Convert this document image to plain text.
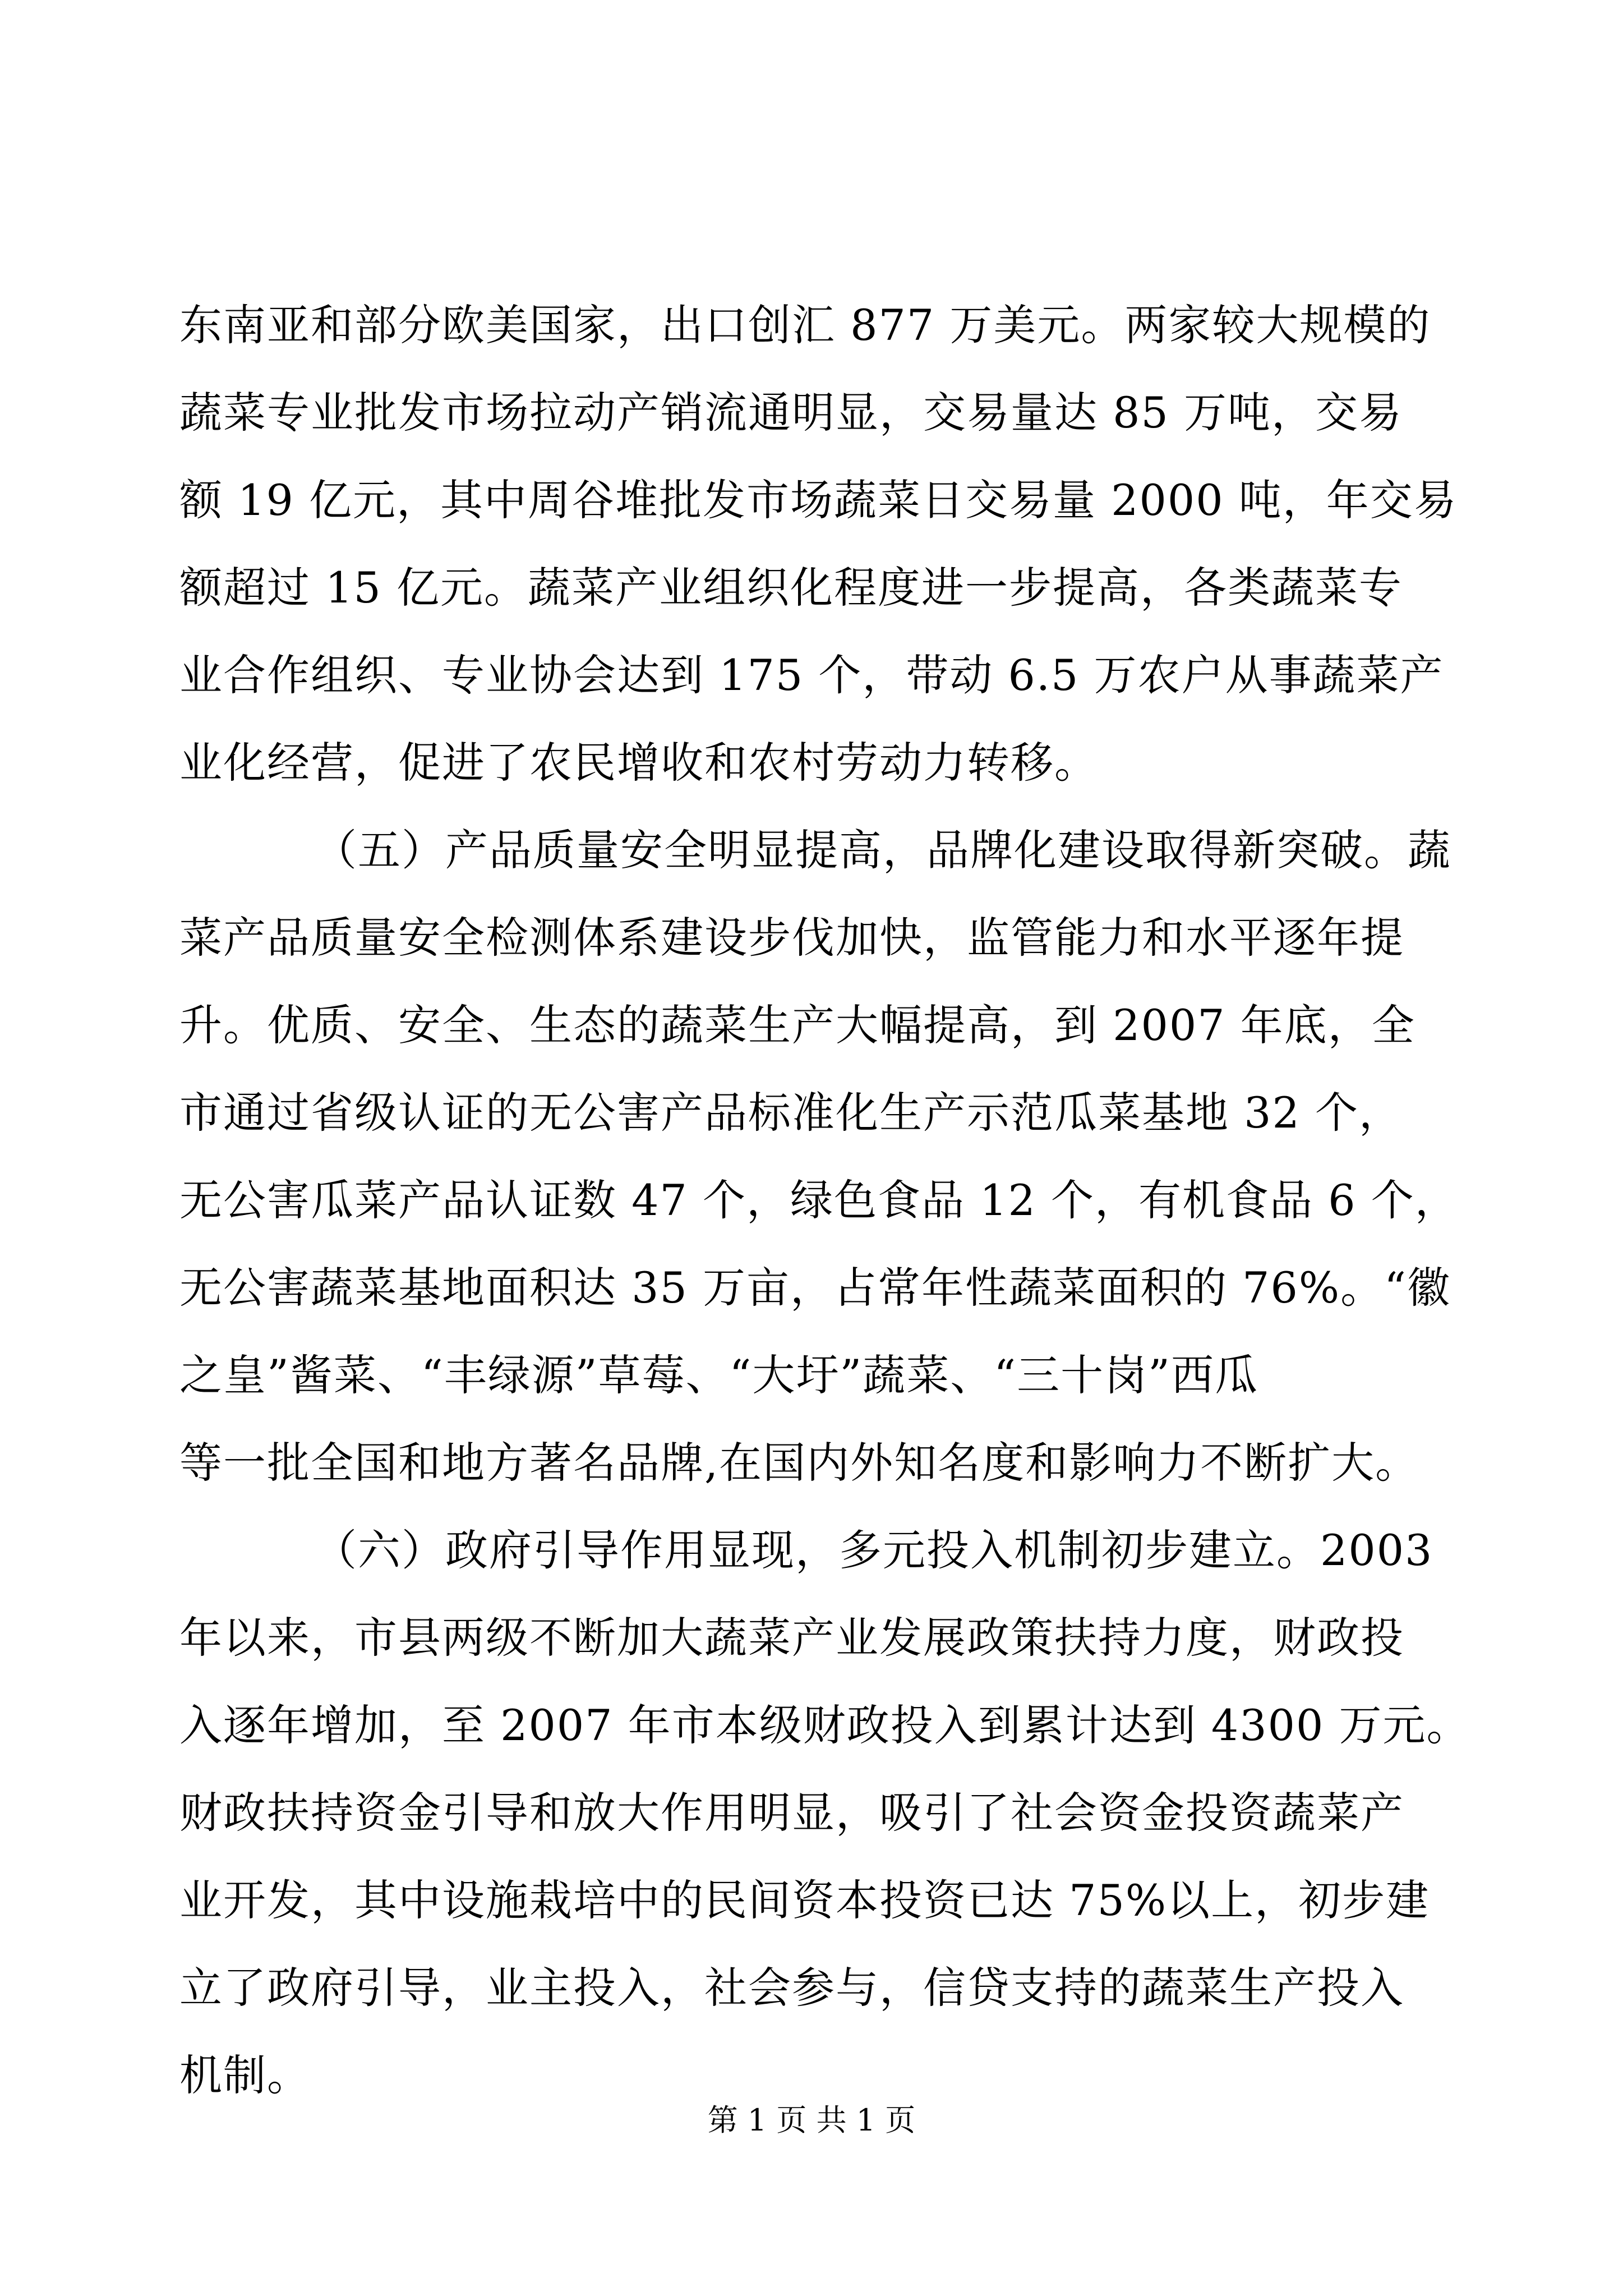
东南亚和部分欧美国家，出口创汇 877 万美元。两家较大规模的
蔬菜专业批发市场拉动产销流通明显，交易量达 85 万吨，交易
额 19 亿元，其中周谷堆批发市场蔬菜日交易量 2000 吨，年交易
额超过 15 亿元。蔬菜产业组织化程度进一步提高，各类蔬菜专
业合作组织、专业协会达到 175 个，带动 6.5 万农户从事蔬菜产
业化经营，促进了农民增收和农村劳动力转移。
（五）产品质量安全明显提高，品牌化建设取得新突破。蔬
菜产品质量安全检测体系建设步伐加快，监管能力和水平逐年提
升。优质、安全、生态的蔬菜生产大幅提高，到 2007 年底，全
市通过省级认证的无公害产品标准化生产示范瓜菜基地 32 个，
无公害瓜菜产品认证数 47 个，绿色食品 12 个，有机食品 6 个，
无公害蔬菜基地面积达 35 万亩，占常年性蔬菜面积的 76%。“徽
之皇”酱菜、“丰绿源”草莓、“大圩”蔬菜、“三十岗”西瓜
等一批全国和地方著名品牌,在国内外知名度和影响力不断扩大。
（六）政府引导作用显现，多元投入机制初步建立。2003
年以来，市县两级不断加大蔬菜产业发展政策扶持力度，财政投
入逐年增加，至 2007 年市本级财政投入到累计达到 4300 万元。
财政扶持资金引导和放大作用明显，吸引了社会资金投资蔬菜产
业开发，其中设施栽培中的民间资本投资已达 75%以上，初步建
立了政府引导，业主投入，社会参与，信贷支持的蔬菜生产投入
机制。
第 1 页 共 1 页
